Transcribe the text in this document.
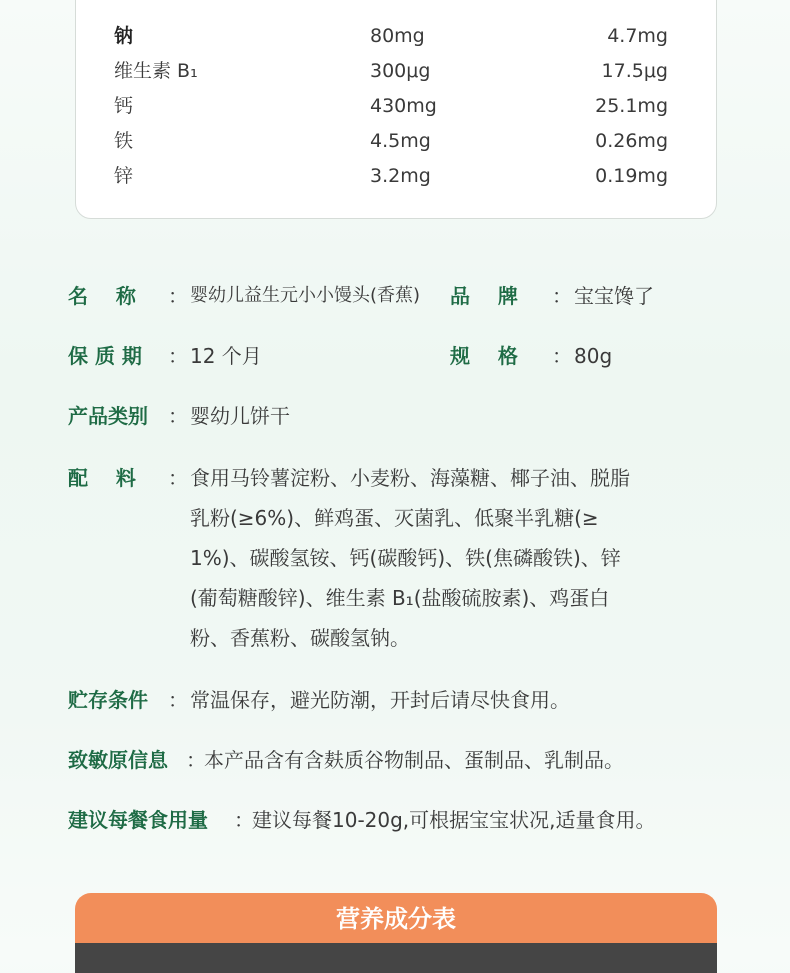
钠	80mg	4.7mg
维生素 B₁	300μg	17.5μg
钙	430mg	25.1mg
铁	4.5mg	0.26mg
锌	3.2mg	0.19mg
名    称 ： 婴幼儿益生元小小馒头(香蕉) 品    牌 ： 宝宝馋了
保 质 期 ： 12 个月	规    格 ： 80g
产品类别 ： 婴幼儿饼干
配    料 ： 食用马铃薯淀粉、小麦粉、海藻糖、椰子油、脱脂
乳粉(≥6%)、鲜鸡蛋、灭菌乳、低聚半乳糖(≥
1%)、碳酸氢铵、钙(碳酸钙)、铁(焦磷酸铁)、锌
(葡萄糖酸锌)、维生素 B₁(盐酸硫胺素)、鸡蛋白
粉、香蕉粉、碳酸氢钠。
贮存条件 ： 常温保存，避光防潮，开封后请尽快食用。
致敏原信息 ：
本产品含有含麸质谷物制品、蛋制品、乳制品。
建议每餐食用量 ：
建议每餐10-20g,可根据宝宝状况,适量食用。
营养成分表
